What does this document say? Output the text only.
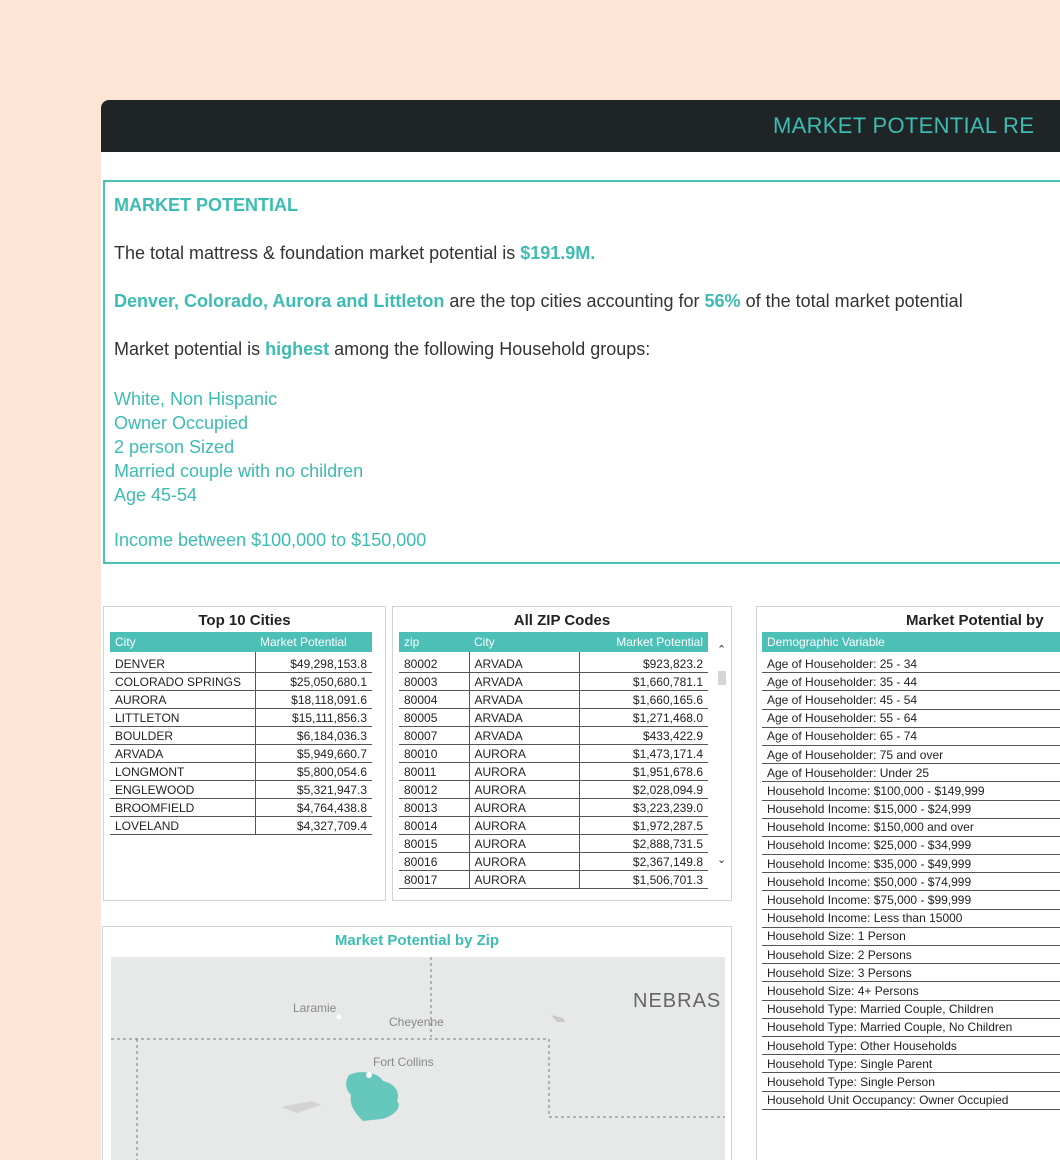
MARKET POTENTIAL RE
MARKET POTENTIAL
The total mattress & foundation market potential is $191.9M.
Denver, Colorado, Aurora and Littleton are the top cities accounting for 56% of the total market potential
Market potential is highest among the following Household groups:
White, Non Hispanic
Owner Occupied
2 person Sized
Married couple with no children
Age 45-54
Income between $100,000 to $150,000
Top 10 Cities
City	Market Potential
DENVER	$49,298,153.8
COLORADO SPRINGS	$25,050,680.1
AURORA	$18,118,091.6
LITTLETON	$15,111,856.3
BOULDER	$6,184,036.3
ARVADA	$5,949,660.7
LONGMONT	$5,800,054.6
ENGLEWOOD	$5,321,947.3
BROOMFIELD	$4,764,438.8
LOVELAND	$4,327,709.4
All ZIP Codes
zip	City	Market Potential
80002	ARVADA	$923,823.2
80003	ARVADA	$1,660,781.1
80004	ARVADA	$1,660,165.6
80005	ARVADA	$1,271,468.0
80007	ARVADA	$433,422.9
80010	AURORA	$1,473,171.4
80011	AURORA	$1,951,678.6
80012	AURORA	$2,028,094.9
80013	AURORA	$3,223,239.0
80014	AURORA	$1,972,287.5
80015	AURORA	$2,888,731.5
80016	AURORA	$2,367,149.8
80017	AURORA	$1,506,701.3
⌃
⌄
Market Potential by
Demographic Variable
Age of Householder: 25 - 34
Age of Householder: 35 - 44
Age of Householder: 45 - 54
Age of Householder: 55 - 64
Age of Householder: 65 - 74
Age of Householder: 75 and over
Age of Householder: Under 25
Household Income: $100,000 - $149,999
Household Income: $15,000 - $24,999
Household Income: $150,000 and over
Household Income: $25,000 - $34,999
Household Income: $35,000 - $49,999
Household Income: $50,000 - $74,999
Household Income: $75,000 - $99,999
Household Income: Less than 15000
Household Size: 1 Person
Household Size: 2 Persons
Household Size: 3 Persons
Household Size: 4+ Persons
Household Type: Married Couple, Children
Household Type: Married Couple, No Children
Household Type: Other Households
Household Type: Single Parent
Household Type: Single Person
Household Unit Occupancy: Owner Occupied
Market Potential by Zip
Laramie
Cheyenne
Fort Collins
NEBRAS
